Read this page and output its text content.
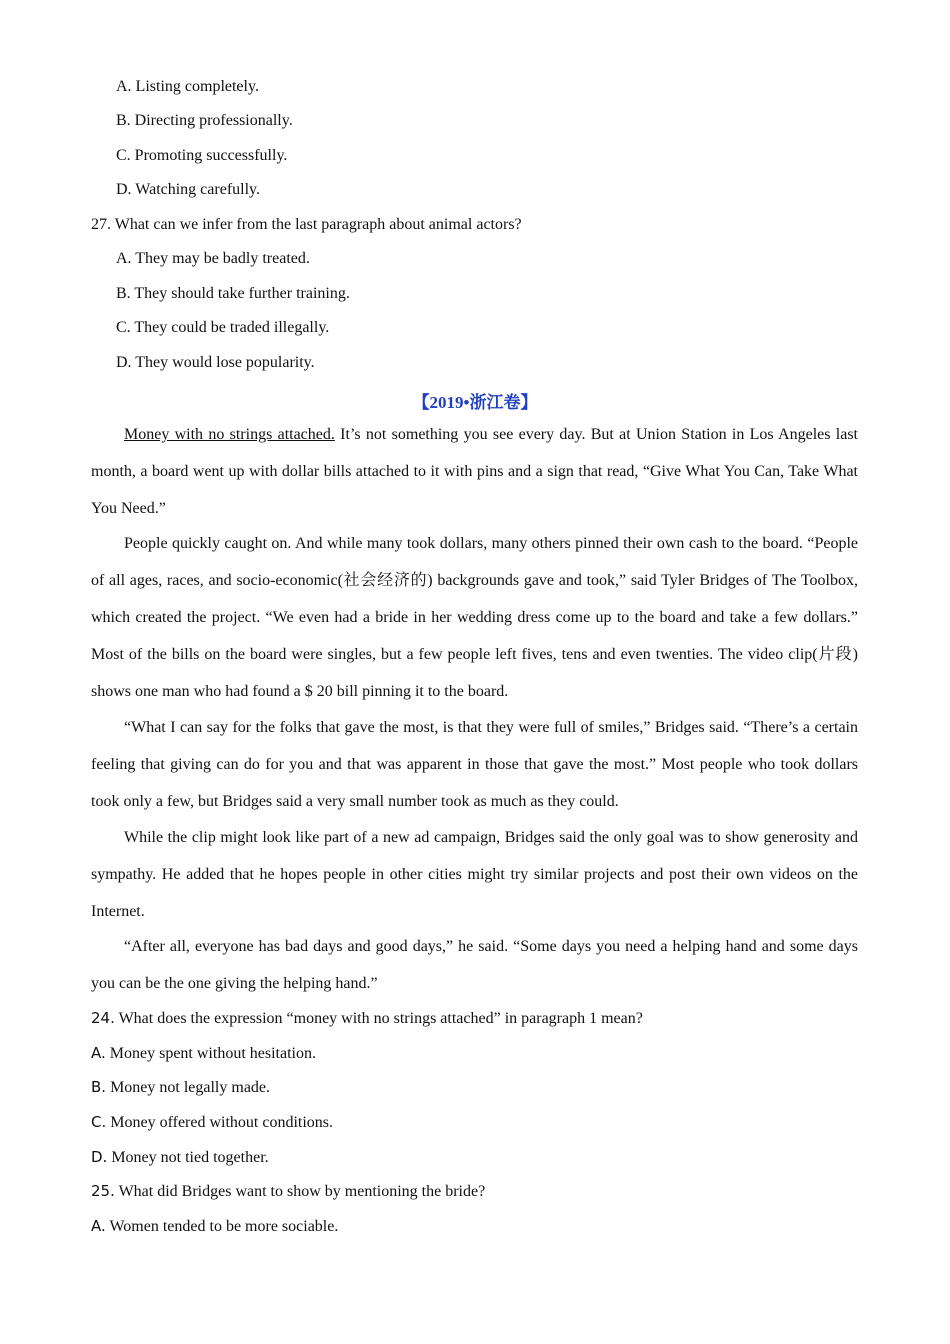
A. Listing completely.
B. Directing professionally.
C. Promoting successfully.
D. Watching carefully.
27. What can we infer from the last paragraph about animal actors?
A. They may be badly treated.
B. They should take further training.
C. They could be traded illegally.
D. They would lose popularity.
【2019•浙江卷】
Money with no strings attached. It’s not something you see every day. But at Union Station in Los Angeles last month, a board went up with dollar bills attached to it with pins and a sign that read, “Give What You Can, Take What You Need.”
People quickly caught on. And while many took dollars, many others pinned their own cash to the board. “People of all ages, races, and socio-economic(社会经济的) backgrounds gave and took,” said Tyler Bridges of The Toolbox, which created the project. “We even had a bride in her wedding dress come up to the board and take a few dollars.” Most of the bills on the board were singles, but a few people left fives, tens and even twenties. The video clip(片段) shows one man who had found a $ 20 bill pinning it to the board.
“What I can say for the folks that gave the most, is that they were full of smiles,” Bridges said. “There’s a certain feeling that giving can do for you and that was apparent in those that gave the most.” Most people who took dollars took only a few, but Bridges said a very small number took as much as they could.
While the clip might look like part of a new ad campaign, Bridges said the only goal was to show generosity and sympathy. He added that he hopes people in other cities might try similar projects and post their own videos on the Internet.
“After all, everyone has bad days and good days,” he said. “Some days you need a helping hand and some days you can be the one giving the helping hand.”
24. What does the expression “money with no strings attached” in paragraph 1 mean?
A. Money spent without hesitation.
B. Money not legally made.
C. Money offered without conditions.
D. Money not tied together.
25. What did Bridges want to show by mentioning the bride?
A. Women tended to be more sociable.
